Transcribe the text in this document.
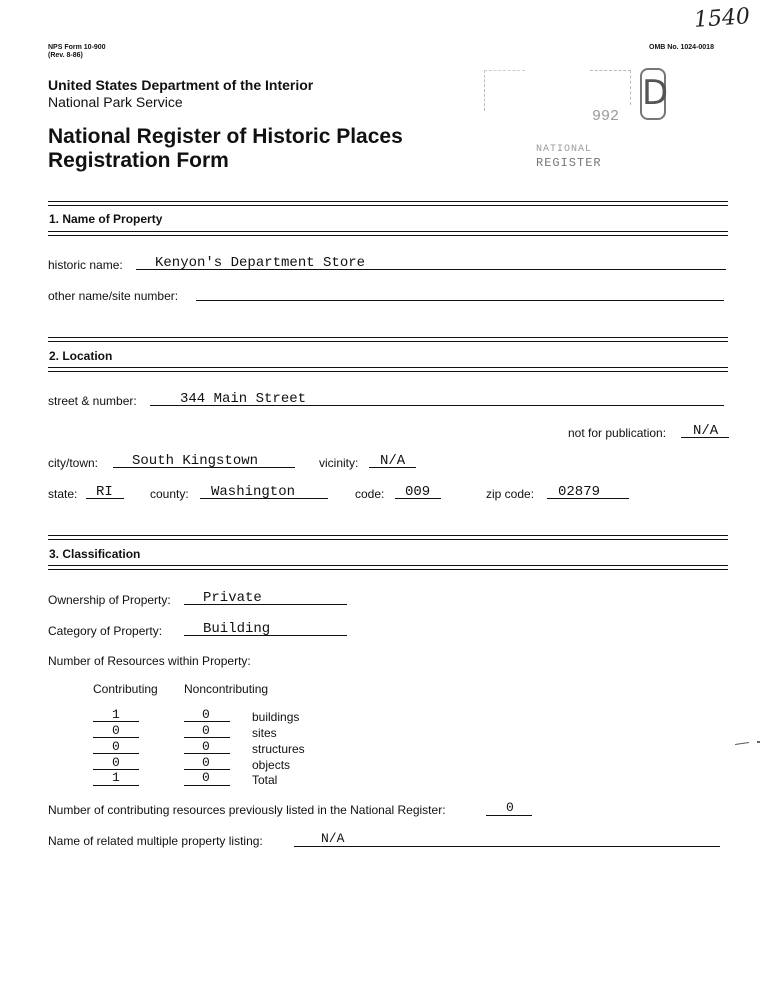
1540
NPS Form 10-900
(Rev. 8-86)
OMB No. 1024-0018
United States Department of the Interior
National Park Service
National Register of Historic Places
Registration Form
D
992
NATIONAL
REGISTER
1. Name of Property
historic name: Kenyon's Department Store
other name/site number:
2. Location
street & number:	344 Main Street
not for publication: N/A
city/town: South Kingstown	vicinity: N/A
state: RI	county: Washington	code: 009	zip code: 02879
3. Classification
Ownership of Property: Private
Category of Property:	Building
Number of Resources within Property:
Contributing Noncontributing
1	0	buildings
0	0	sites
0	0	structures
0	0	objects
1	0	Total
Number of contributing resources previously listed in the National Register:	0
Name of related multiple property listing:	N/A
